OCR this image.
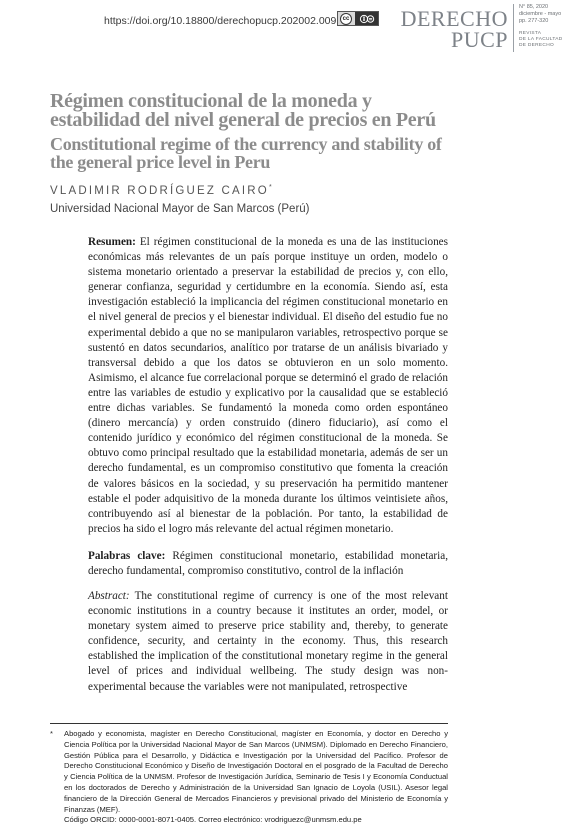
https://doi.org/10.18800/derechopucp.202002.009	cc	DERECHO
PUCP
N° 85, 2020
diciembre - mayo
pp. 277-320
REVISTA
DE LA FACULTAD
DE DERECHO
Régimen constitucional de la moneda y estabilidad del nivel general de precios en Perú
Constitutional regime of the currency and stability of the general price level in Peru
VLADIMIR RODRÍGUEZ CAIRO*
Universidad Nacional Mayor de San Marcos (Perú)

Resumen: El régimen constitucional de la moneda es una de las instituciones económicas más relevantes de un país porque instituye un orden, modelo o sistema monetario orientado a preservar la estabilidad de precios y, con ello, generar confianza, seguridad y certidumbre en la economía. Siendo así, esta investigación estableció la implicancia del régimen constitucional monetario en el nivel general de precios y el bienestar individual. El diseño del estudio fue no experimental debido a que no se manipularon variables, retrospectivo porque se sustentó en datos secundarios, analítico por tratarse de un análisis bivariado y transversal debido a que los datos se obtuvieron en un solo momento. Asimismo, el alcance fue correlacional porque se determinó el grado de relación entre las variables de estudio y explicativo por la causalidad que se estableció entre dichas variables. Se fundamentó la moneda como orden espontáneo (dinero mercancía) y orden construido (dinero fiduciario), así como el contenido jurídico y económico del régimen constitucional de la moneda. Se obtuvo como principal resultado que la estabilidad monetaria, además de ser un derecho fundamental, es un compromiso constitutivo que fomenta la creación de valores básicos en la sociedad, y su preservación ha permitido mantener estable el poder adquisitivo de la moneda durante los últimos veintisiete años, contribuyendo así al bienestar de la población. Por tanto, la estabilidad de precios ha sido el logro más relevante del actual régimen monetario.

Palabras clave: Régimen constitucional monetario, estabilidad monetaria, derecho fundamental, compromiso constitutivo, control de la inflación

Abstract: The constitutional regime of currency is one of the most relevant economic institutions in a country because it institutes an order, model, or monetary system aimed to preserve price stability and, thereby, to generate confidence, security, and certainty in the economy. Thus, this research established the implication of the constitutional monetary regime in the general level of prices and individual wellbeing. The study design was non-experimental because the variables were not manipulated, retrospective

* Abogado y economista, magíster en Derecho Constitucional, magíster en Economía, y doctor en Derecho y Ciencia Política por la Universidad Nacional Mayor de San Marcos (UNMSM). Diplomado en Derecho Financiero, Gestión Pública para el Desarrollo, y Didáctica e Investigación por la Universidad del Pacífico. Profesor de Derecho Constitucional Económico y Diseño de Investigación Doctoral en el posgrado de la Facultad de Derecho y Ciencia Política de la UNMSM. Profesor de Investigación Jurídica, Seminario de Tesis I y Economía Conductual en los doctorados de Derecho y Administración de la Universidad San Ignacio de Loyola (USIL). Asesor legal financiero de la Dirección General de Mercados Financieros y previsional privado del Ministerio de Economía y Finanzas (MEF).
Código ORCID: 0000-0001-8071-0405. Correo electrónico: vrodriguezc@unmsm.edu.pe
